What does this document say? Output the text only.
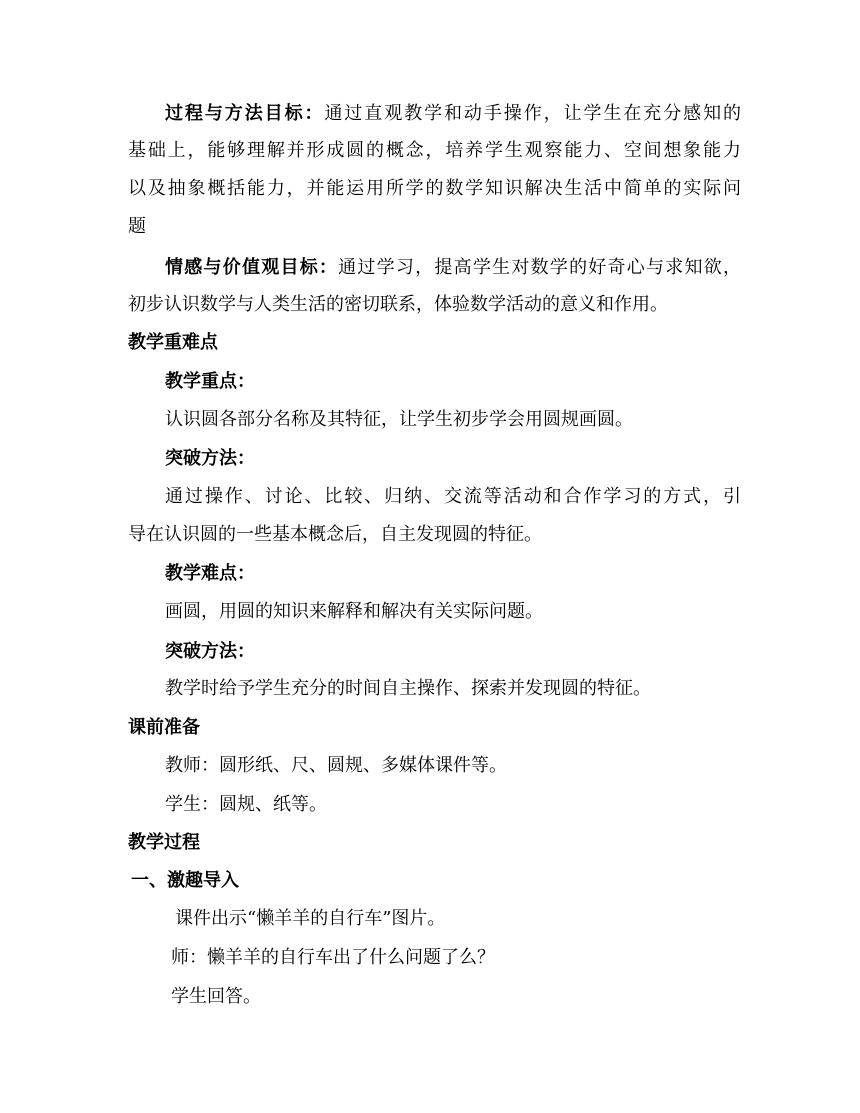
过程与方法目标：通过直观教学和动手操作，让学生在充分感知的
基础上，能够理解并形成圆的概念，培养学生观察能力、空间想象能力
以及抽象概括能力，并能运用所学的数学知识解决生活中简单的实际问
题
情感与价值观目标：通过学习，提高学生对数学的好奇心与求知欲，
初步认识数学与人类生活的密切联系，体验数学活动的意义和作用。
教学重难点
教学重点：
认识圆各部分名称及其特征，让学生初步学会用圆规画圆。
突破方法：
通过操作、讨论、比较、归纳、交流等活动和合作学习的方式，引
导在认识圆的一些基本概念后，自主发现圆的特征。
教学难点：
画圆，用圆的知识来解释和解决有关实际问题。
突破方法：
教学时给予学生充分的时间自主操作、探索并发现圆的特征。
课前准备
教师：圆形纸、尺、圆规、多媒体课件等。
学生：圆规、纸等。
教学过程
一、激趣导入
课件出示“懒羊羊的自行车”图片。
师：懒羊羊的自行车出了什么问题了么？
学生回答。
